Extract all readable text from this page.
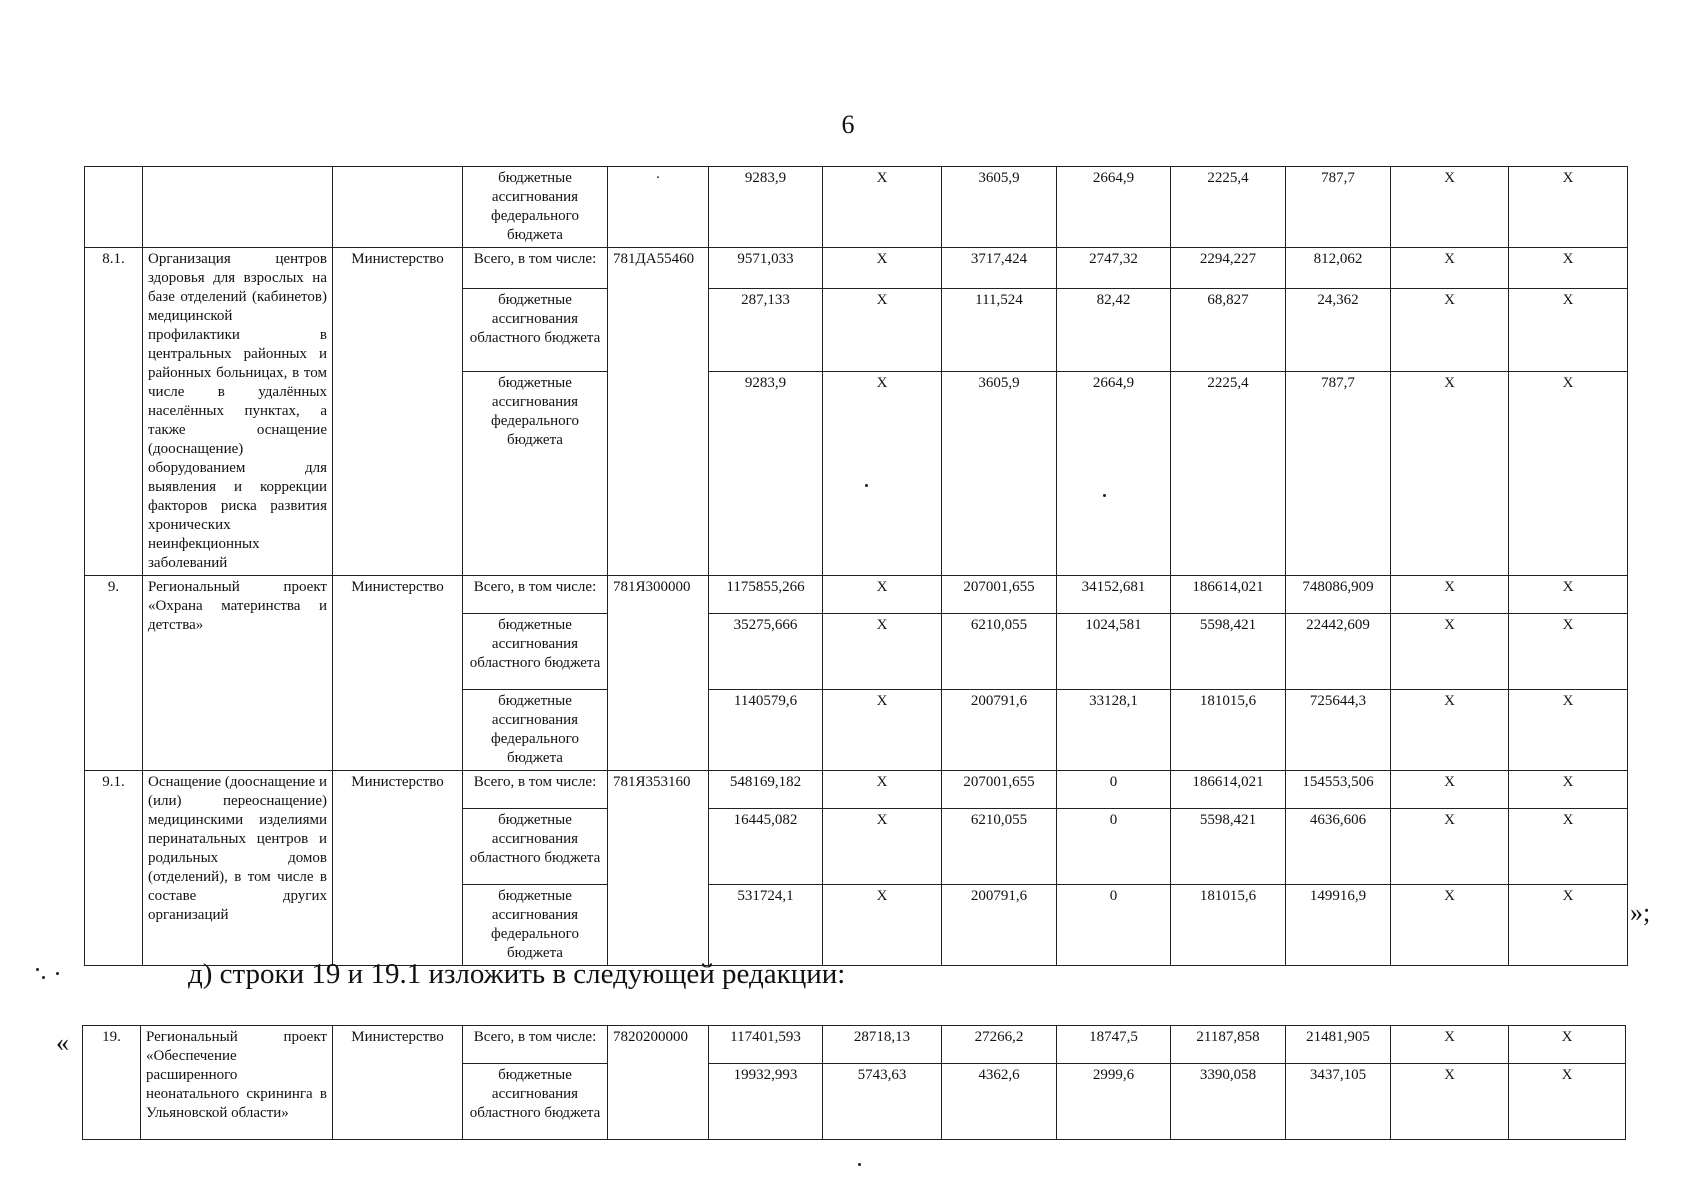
6
			бюджетные ассигнования федерального бюджета	·	9283,9	X	3605,9	2664,9	2225,4	787,7	X	X
8.1.	Организация центров здоровья для взрослых на базе отделений (кабинетов) медицинской профилактики в центральных районных и районных больницах, в том числе в удалённых населённых пунктах, а также оснащение (дооснащение) оборудованием для выявления и коррекции факторов риска развития хронических неинфекционных заболеваний	Министерство	Всего, в том числе:	781ДА55460	9571,033	X	3717,424	2747,32	2294,227	812,062	X	X
			бюджетные ассигнования областного бюджета		287,133	X	111,524	82,42	68,827	24,362	X	X
			бюджетные ассигнования федерального бюджета		9283,9	X	3605,9	2664,9	2225,4	787,7	X	X
9.	Региональный проект «Охрана материнства и детства»	Министерство	Всего, в том числе:	781Я300000	1175855,266	X	207001,655	34152,681	186614,021	748086,909	X	X
			бюджетные ассигнования областного бюджета		35275,666	X	6210,055	1024,581	5598,421	22442,609	X	X
			бюджетные ассигнования федерального бюджета		1140579,6	X	200791,6	33128,1	181015,6	725644,3	X	X
9.1.	Оснащение (дооснащение и (или) переоснащение) медицинскими изделиями перинатальных центров и родильных домов (отделений), в том числе в составе других организаций	Министерство	Всего, в том числе:	781Я353160	548169,182	X	207001,655	0	186614,021	154553,506	X	X
			бюджетные ассигнования областного бюджета		16445,082	X	6210,055	0	5598,421	4636,606	X	X
			бюджетные ассигнования федерального бюджета		531724,1	X	200791,6	0	181015,6	149916,9	X	X
»;
д) строки 19 и 19.1 изложить в следующей редакции:
« 19.	Региональный проект «Обеспечение расширенного неонатального скрининга в Ульяновской области»	Министерство	Всего, в том числе:	7820200000	117401,593	28718,13	27266,2	18747,5	21187,858	21481,905	X	X
			бюджетные ассигнования областного бюджета		19932,993	5743,63	4362,6	2999,6	3390,058	3437,105	X	X
